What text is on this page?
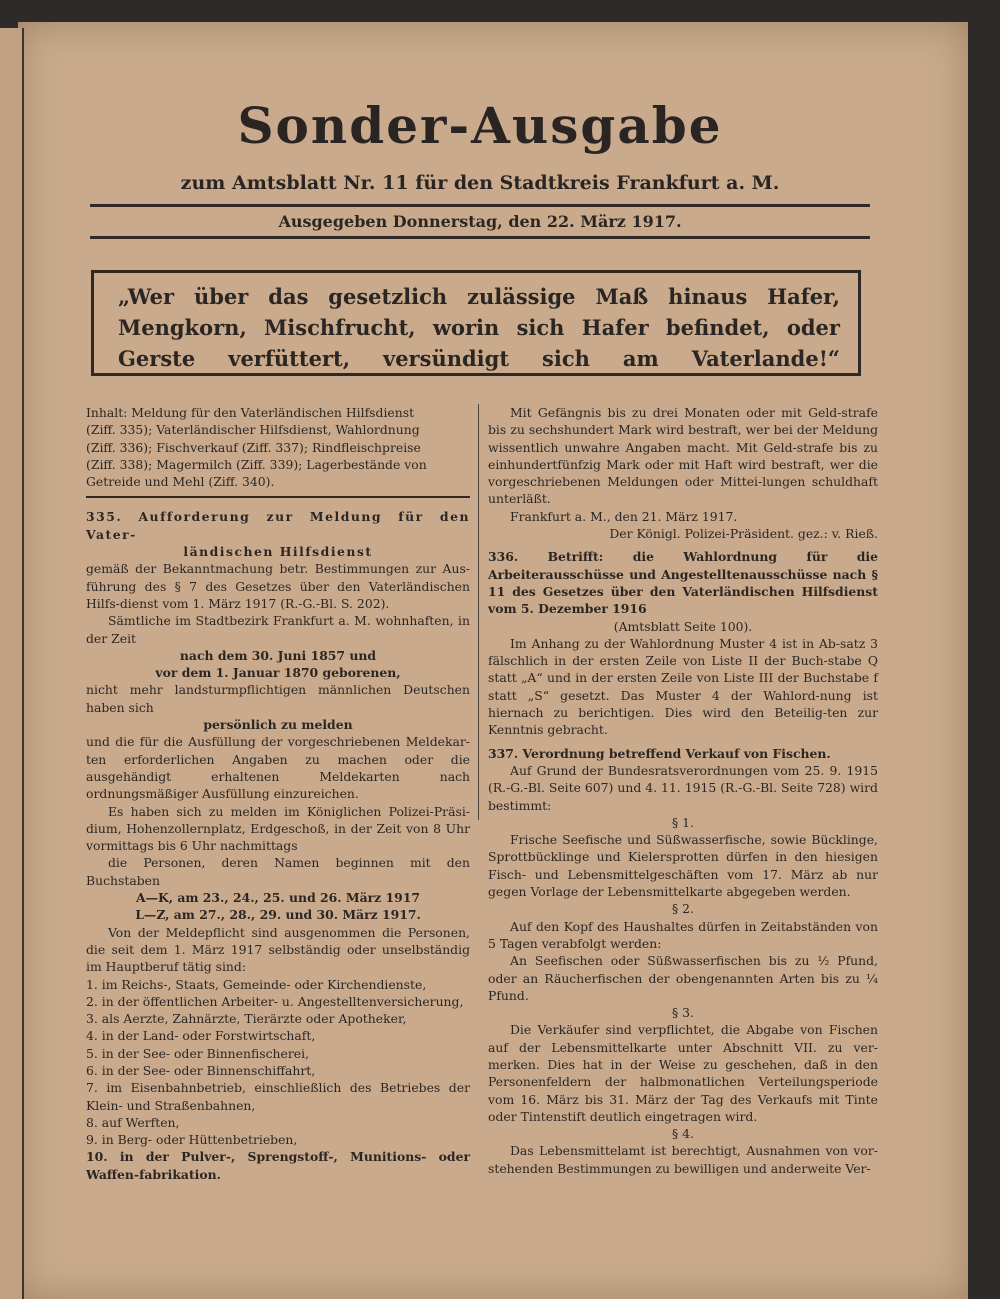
Sonder-Ausgabe
zum Amtsblatt Nr. 11 für den Stadtkreis Frankfurt a. M.
Ausgegeben Donnerstag, den 22. März 1917.
„Wer über das gesetzlich zulässige Maß hinaus Hafer, Mengkorn, Mischfrucht, worin sich Hafer befindet, oder Gerste verfüttert, versündigt sich am Vaterlande!“

Inhalt: Meldung für den Vaterländischen Hilfsdienst

(Ziff. 335); Vaterländischer Hilfsdienst, Wahlordnung

(Ziff. 336); Fischverkauf (Ziff. 337); Rindfleischpreise

(Ziff. 338); Magermilch (Ziff. 339); Lagerbestände von

Getreide und Mehl (Ziff. 340).

335. Aufforderung zur Meldung für den Vater-

ländischen Hilfsdienst

gemäß der Bekanntmachung betr. Bestimmungen zur Aus-führung des § 7 des Gesetzes über den Vaterländischen Hilfs-dienst vom 1. März 1917 (R.-G.-Bl. S. 202).

Sämtliche im Stadtbezirk Frankfurt a. M. wohnhaften, in der Zeit

nach dem 30. Juni 1857 und

vor dem 1. Januar 1870 geborenen,

nicht mehr landsturmpflichtigen männlichen Deutschen haben sich

persönlich zu melden

und die für die Ausfüllung der vorgeschriebenen Meldekar-ten erforderlichen Angaben zu machen oder die ausgehändigt erhaltenen Meldekarten nach ordnungsmäßiger Ausfüllung einzureichen.

Es haben sich zu melden im Königlichen Polizei-Präsi-dium, Hohenzollernplatz, Erdgeschoß, in der Zeit von 8 Uhr vormittags bis 6 Uhr nachmittags

die Personen, deren Namen beginnen mit den Buchstaben

A—K, am 23., 24., 25. und 26. März 1917

L—Z, am 27., 28., 29. und 30. März 1917.

Von der Meldepflicht sind ausgenommen die Personen, die seit dem 1. März 1917 selbständig oder unselbständig im Hauptberuf tätig sind:

1. im Reichs-, Staats, Gemeinde- oder Kirchendienste,

2. in der öffentlichen Arbeiter- u. Angestelltenversicherung,

3. als Aerzte, Zahnärzte, Tierärzte oder Apotheker,

4. in der Land- oder Forstwirtschaft,

5. in der See- oder Binnenfischerei,

6. in der See- oder Binnenschiffahrt,

7. im Eisenbahnbetrieb, einschließlich des Betriebes der Klein- und Straßenbahnen,

8. auf Werften,

9. in Berg- oder Hüttenbetrieben,

10. in der Pulver-, Sprengstoff-, Munitions- oder Waffen-fabrikation.

Mit Gefängnis bis zu drei Monaten oder mit Geld-strafe bis zu sechshundert Mark wird bestraft, wer bei der Meldung wissentlich unwahre Angaben macht. Mit Geld-strafe bis zu einhundertfünfzig Mark oder mit Haft wird bestraft, wer die vorgeschriebenen Meldungen oder Mittei-lungen schuldhaft unterläßt.

Frankfurt a. M., den 21. März 1917.

Der Königl. Polizei-Präsident. gez.: v. Rieß.

336. Betrifft: die Wahlordnung für die Arbeiterausschüsse und Angestelltenausschüsse nach § 11 des Gesetzes über den Vaterländischen Hilfsdienst vom 5. Dezember 1916

(Amtsblatt Seite 100).

Im Anhang zu der Wahlordnung Muster 4 ist in Ab-satz 3 fälschlich in der ersten Zeile von Liste II der Buch-stabe Q statt „A“ und in der ersten Zeile von Liste III der Buchstabe f statt „S“ gesetzt. Das Muster 4 der Wahlord-nung ist hiernach zu berichtigen. Dies wird den Beteilig-ten zur Kenntnis gebracht.

337. Verordnung betreffend Verkauf von Fischen.

Auf Grund der Bundesratsverordnungen vom 25. 9. 1915 (R.-G.-Bl. Seite 607) und 4. 11. 1915 (R.-G.-Bl. Seite 728) wird bestimmt:

§ 1.

Frische Seefische und Süßwasserfische, sowie Bücklinge, Sprottbücklinge und Kielersprotten dürfen in den hiesigen Fisch- und Lebensmittelgeschäften vom 17. März ab nur gegen Vorlage der Lebensmittelkarte abgegeben werden.

§ 2.

Auf den Kopf des Haushaltes dürfen in Zeitabständen von 5 Tagen verabfolgt werden:

An Seefischen oder Süßwasserfischen bis zu ½ Pfund, oder an Räucherfischen der obengenannten Arten bis zu ¼ Pfund.

§ 3.

Die Verkäufer sind verpflichtet, die Abgabe von Fischen auf der Lebensmittelkarte unter Abschnitt VII. zu ver-merken. Dies hat in der Weise zu geschehen, daß in den Personenfeldern der halbmonatlichen Verteilungsperiode vom 16. März bis 31. März der Tag des Verkaufs mit Tinte oder Tintenstift deutlich eingetragen wird.

§ 4.

Das Lebensmittelamt ist berechtigt, Ausnahmen von vor-stehenden Bestimmungen zu bewilligen und anderweite Ver-
